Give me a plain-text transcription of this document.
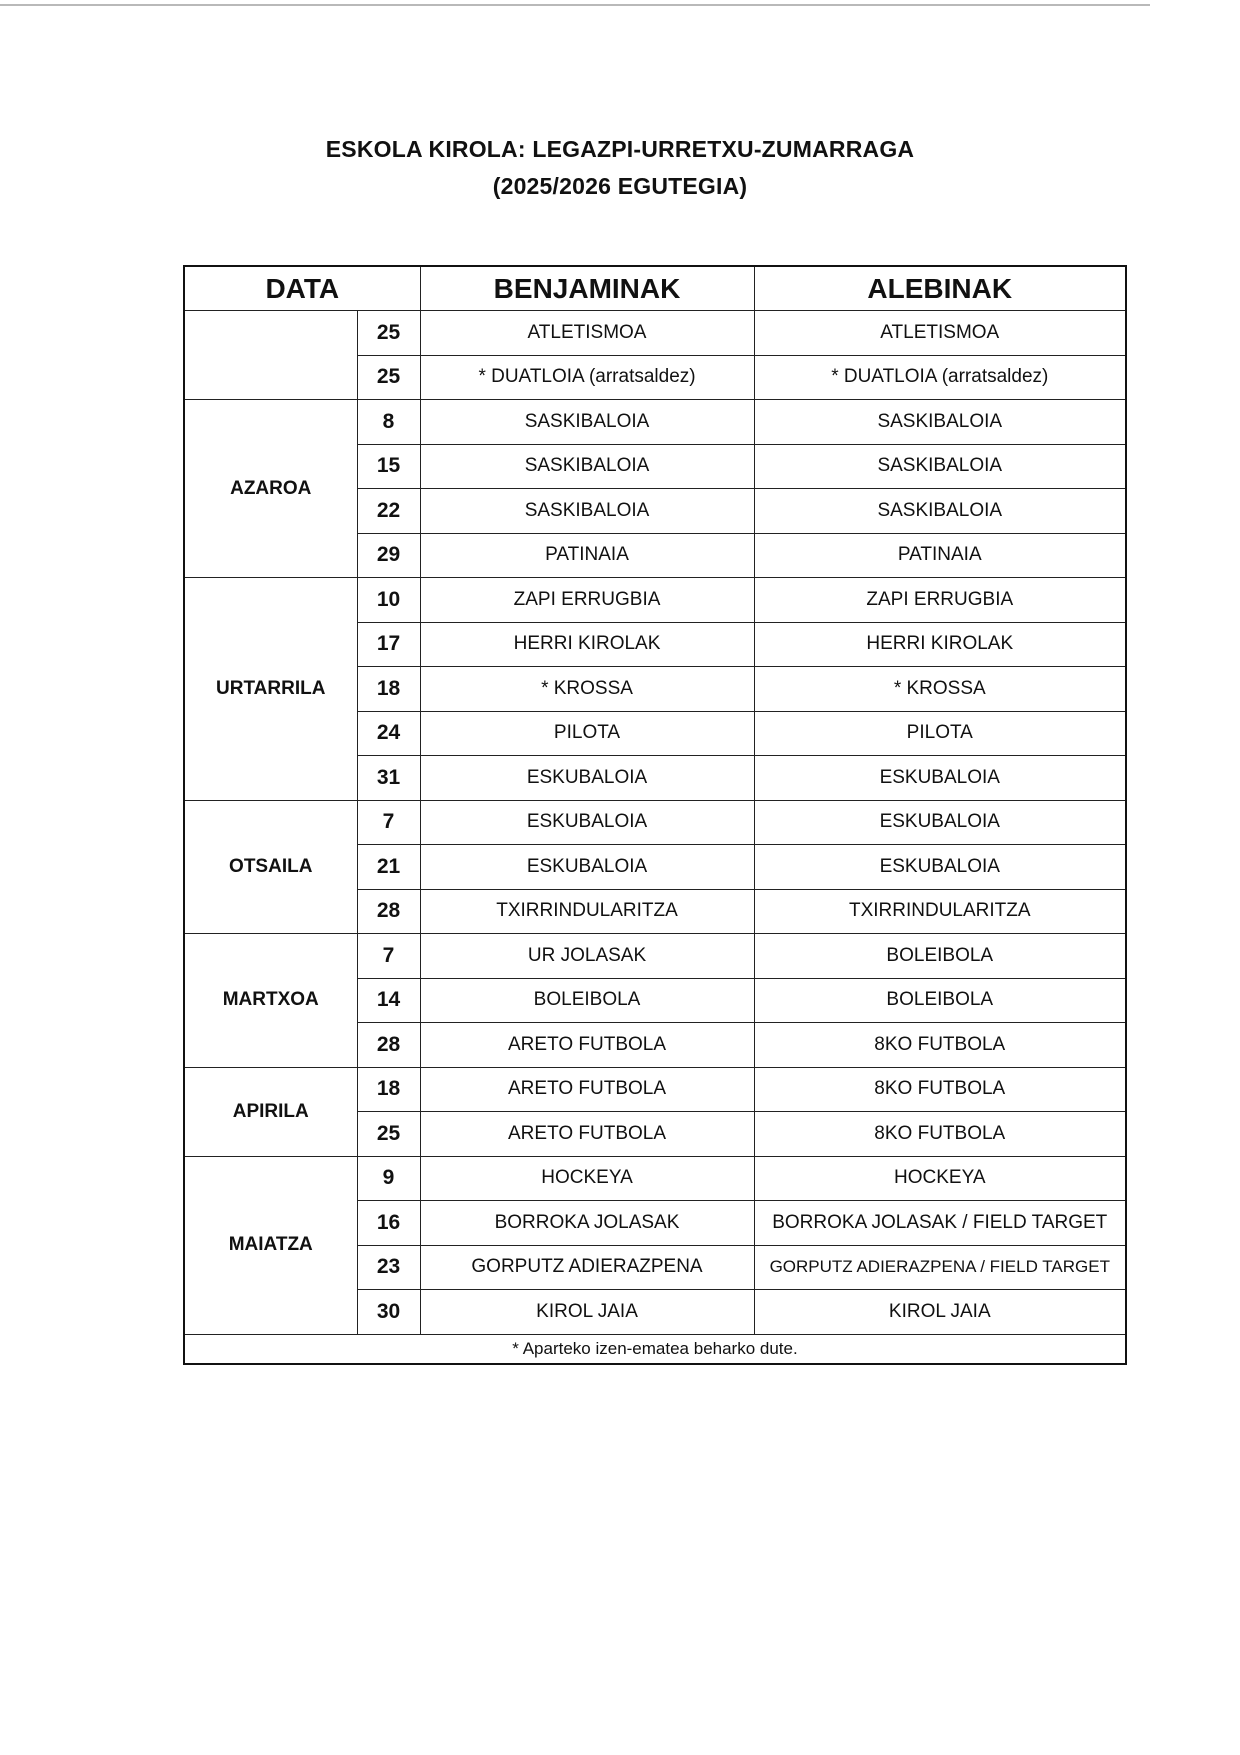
ESKOLA KIROLA: LEGAZPI-URRETXU-ZUMARRAGA
(2025/2026 EGUTEGIA)
DATA		BENJAMINAK	ALEBINAK
	25	ATLETISMOA	ATLETISMOA
	25	* DUATLOIA (arratsaldez)	* DUATLOIA (arratsaldez)
AZAROA	8	SASKIBALOIA	SASKIBALOIA
	15	SASKIBALOIA	SASKIBALOIA
	22	SASKIBALOIA	SASKIBALOIA
	29	PATINAIA	PATINAIA
URTARRILA	10	ZAPI ERRUGBIA	ZAPI ERRUGBIA
	17	HERRI KIROLAK	HERRI KIROLAK
	18	* KROSSA	* KROSSA
	24	PILOTA	PILOTA
	31	ESKUBALOIA	ESKUBALOIA
OTSAILA	7	ESKUBALOIA	ESKUBALOIA
	21	ESKUBALOIA	ESKUBALOIA
	28	TXIRRINDULARITZA	TXIRRINDULARITZA
MARTXOA	7	UR JOLASAK	BOLEIBOLA
	14	BOLEIBOLA	BOLEIBOLA
	28	ARETO FUTBOLA	8KO FUTBOLA
APIRILA	18	ARETO FUTBOLA	8KO FUTBOLA
	25	ARETO FUTBOLA	8KO FUTBOLA
MAIATZA	9	HOCKEYA	HOCKEYA
	16	BORROKA JOLASAK	BORROKA JOLASAK / FIELD TARGET
	23	GORPUTZ ADIERAZPENA	GORPUTZ ADIERAZPENA / FIELD TARGET
	30	KIROL JAIA	KIROL JAIA
* Aparteko izen-ematea beharko dute.			
